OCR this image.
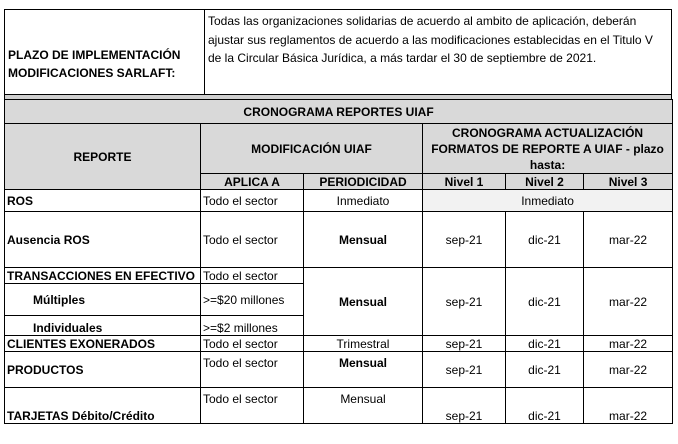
PLAZO DE IMPLEMENTACIÓN MODIFICACIONES SARLAFT:	Todas las organizaciones solidarias de acuerdo al ambito de aplicación, deberán ajustar sus reglamentos de acuerdo a las modificaciones establecidas en el Titulo V de la Circular Básica Jurídica, a más tardar el 30 de septiembre de 2021.
CRONOGRAMA REPORTES UIAF					
REPORTE	MODIFICACIÓN UIAF		CRONOGRAMA ACTUALIZACIÓN FORMATOS DE REPORTE A UIAF - plazo hasta:		
	APLICA A	PERIODICIDAD	Nivel 1	Nivel 2	Nivel 3
ROS	Todo el sector	Inmediato	Inmediato		
Ausencia ROS	Todo el sector	Mensual	sep-21	dic-21	mar-22
TRANSACCIONES EN EFECTIVO	Todo el sector	Mensual	sep-21	dic-21	mar-22
Múltiples	>=$20 millones				
Individuales	>=$2 millones				
CLIENTES EXONERADOS	Todo el sector	Trimestral	sep-21	dic-21	mar-22
PRODUCTOS	Todo el sector	Mensual	sep-21	dic-21	mar-22
TARJETAS Débito/Crédito	Todo el sector	Mensual	sep-21	dic-21	mar-22
